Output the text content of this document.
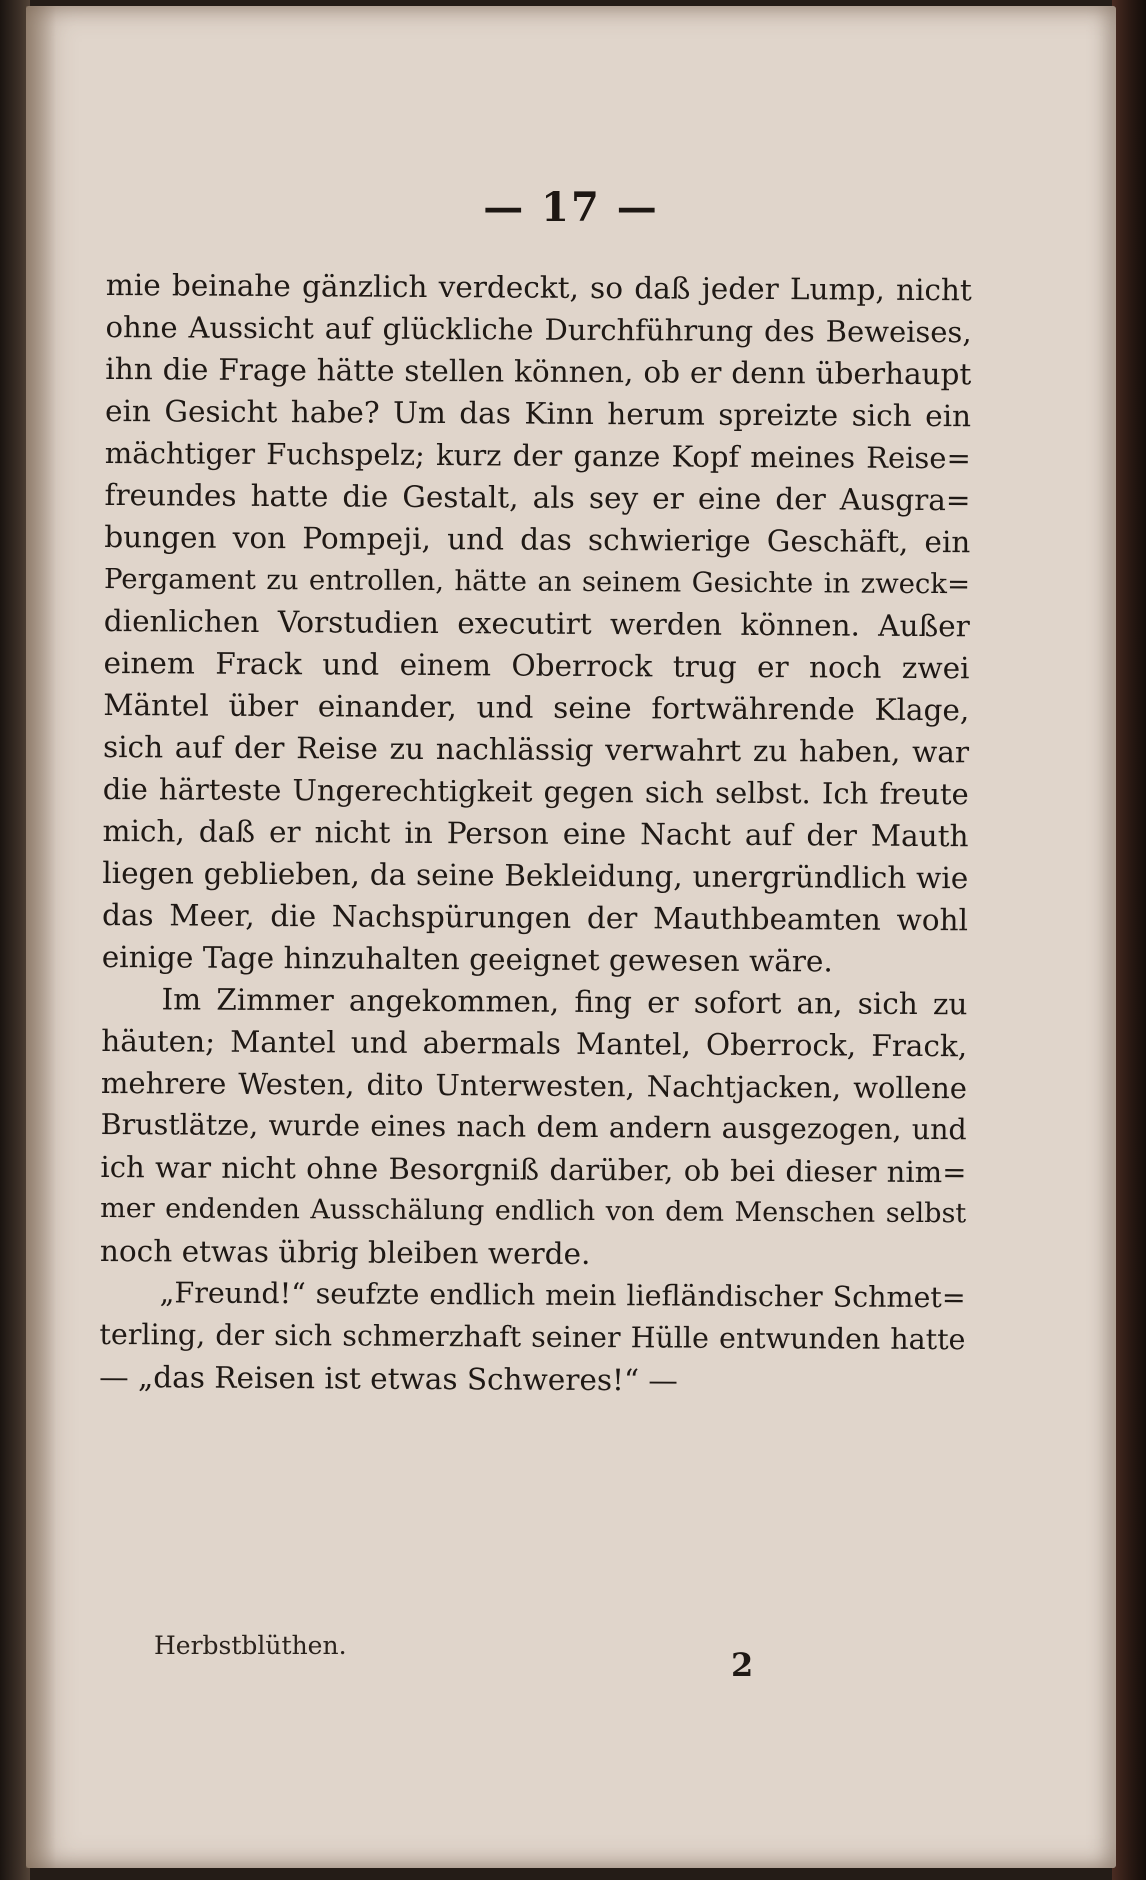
— 17 —
mie beinahe gänzlich verdeckt, so daß jeder Lump, nicht
ohne Aussicht auf glückliche Durchführung des Beweises,
ihn die Frage hätte stellen können, ob er denn überhaupt
ein Gesicht habe? Um das Kinn herum spreizte sich ein
mächtiger Fuchspelz; kurz der ganze Kopf meines Reise=
freundes hatte die Gestalt, als sey er eine der Ausgra=
bungen von Pompeji, und das schwierige Geschäft, ein
Pergament zu entrollen, hätte an seinem Gesichte in zweck=
dienlichen Vorstudien executirt werden können. Außer
einem Frack und einem Oberrock trug er noch zwei
Mäntel über einander, und seine fortwährende Klage,
sich auf der Reise zu nachlässig verwahrt zu haben, war
die härteste Ungerechtigkeit gegen sich selbst. Ich freute
mich, daß er nicht in Person eine Nacht auf der Mauth
liegen geblieben, da seine Bekleidung, unergründlich wie
das Meer, die Nachspürungen der Mauthbeamten wohl
einige Tage hinzuhalten geeignet gewesen wäre.
Im Zimmer angekommen, fing er sofort an, sich zu
häuten; Mantel und abermals Mantel, Oberrock, Frack,
mehrere Westen, dito Unterwesten, Nachtjacken, wollene
Brustlätze, wurde eines nach dem andern ausgezogen, und
ich war nicht ohne Besorgniß darüber, ob bei dieser nim=
mer endenden Ausschälung endlich von dem Menschen selbst
noch etwas übrig bleiben werde.
„Freund!“ seufzte endlich mein liefländischer Schmet=
terling, der sich schmerzhaft seiner Hülle entwunden hatte
— „das Reisen ist etwas Schweres!“ —
Herbstblüthen.
2
